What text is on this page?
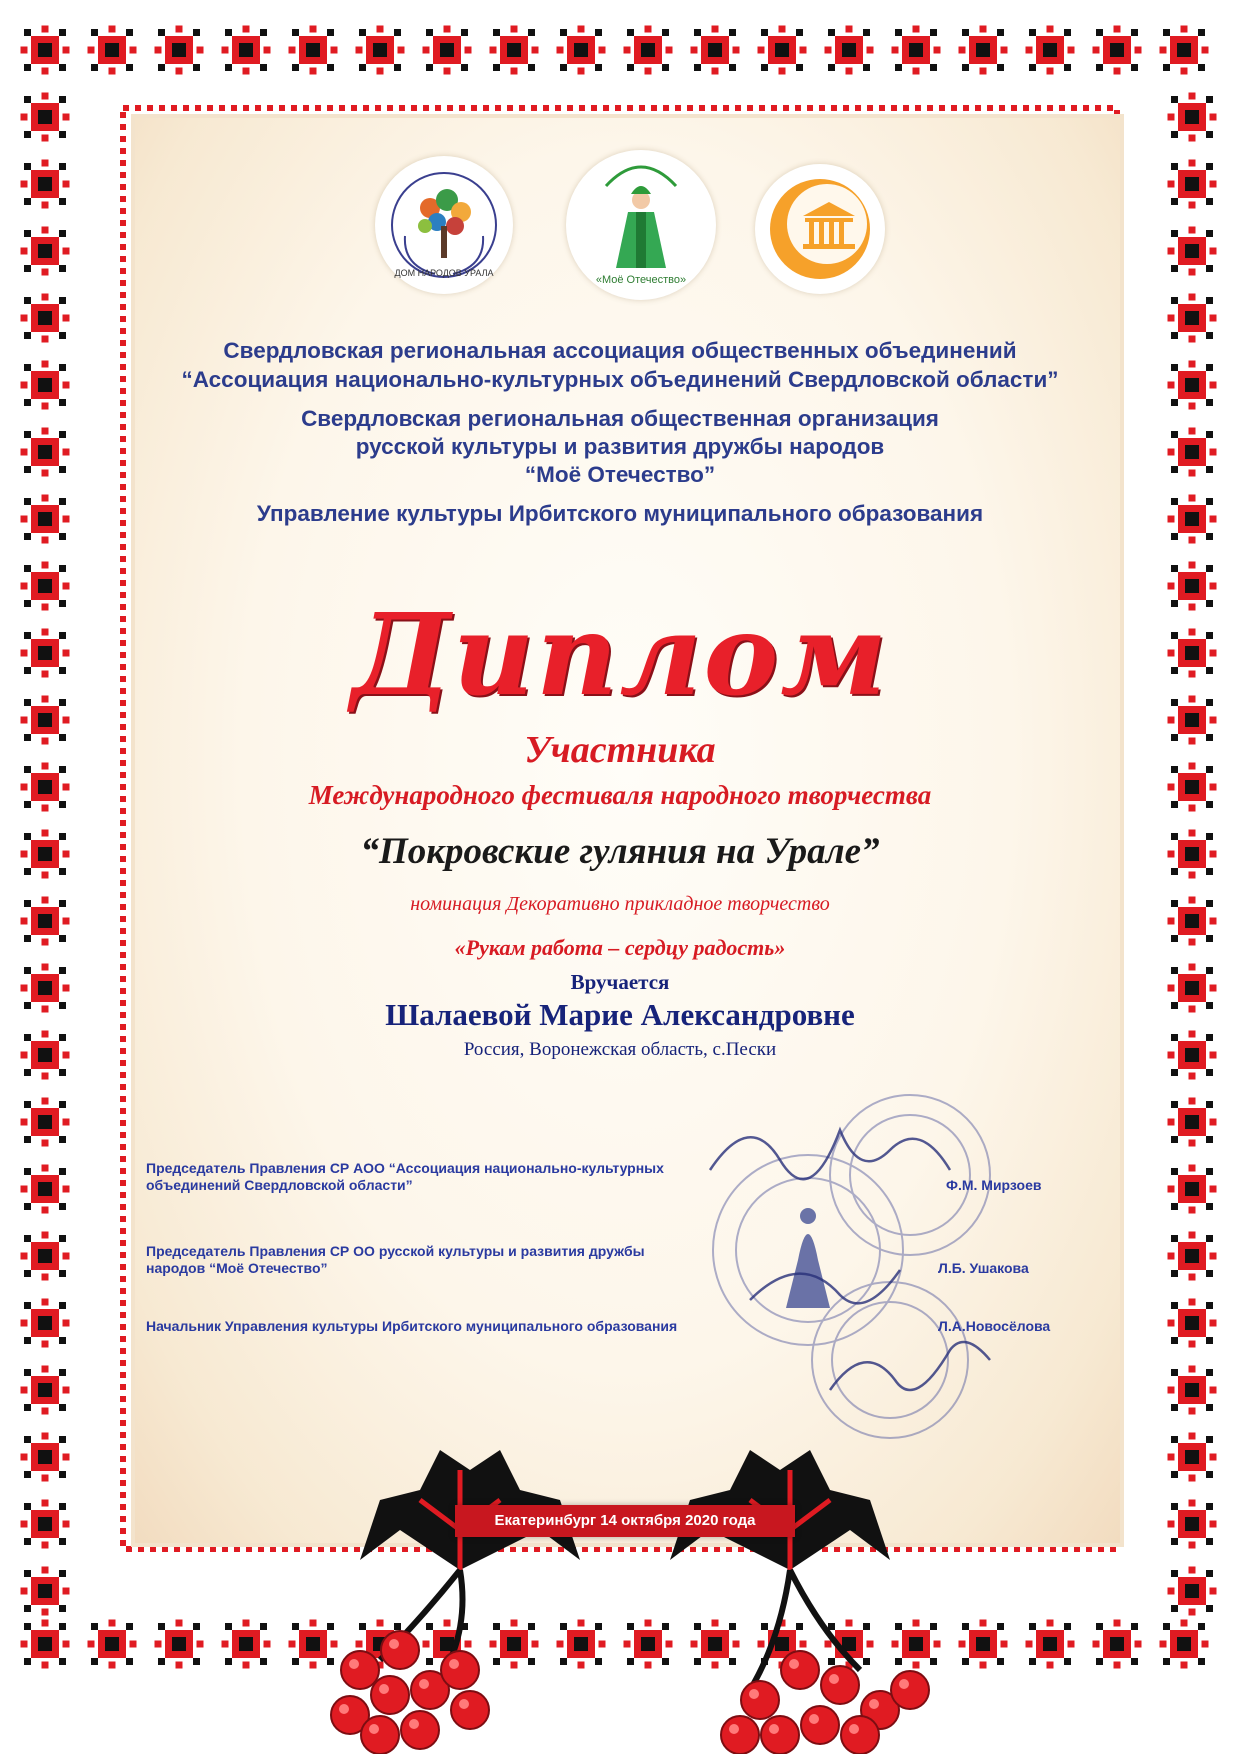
ДОМ НАРОДОВ УРАЛА
«Моё Отечество»
Свердловская региональная ассоциация общественных объединений
“Ассоциация национально-культурных объединений Свердловской области”
Свердловская региональная общественная организация
русской культуры и развития дружбы народов
“Моё Отечество”
Управление культуры Ирбитского муниципального образования
Диплом
Участника
Международного фестиваля народного творчества
“Покровские гуляния на Урале”
номинация Декоративно прикладное творчество
«Рукам работа – сердцу радость»
Вручается
Шалаевой Марие Александровне
Россия, Воронежская область, с.Пески
Председатель Правления СР АОО “Ассоциация национально-культурных
объединений Свердловской области”	Ф.М. Мирзоев
Председатель Правления СР ОО русской культуры и развития дружбы
народов “Моё Отечество”	Л.Б. Ушакова
Начальник Управления культуры Ирбитского муниципального образования	Л.А.Новосёлова
Екатеринбург 14 октября 2020 года
